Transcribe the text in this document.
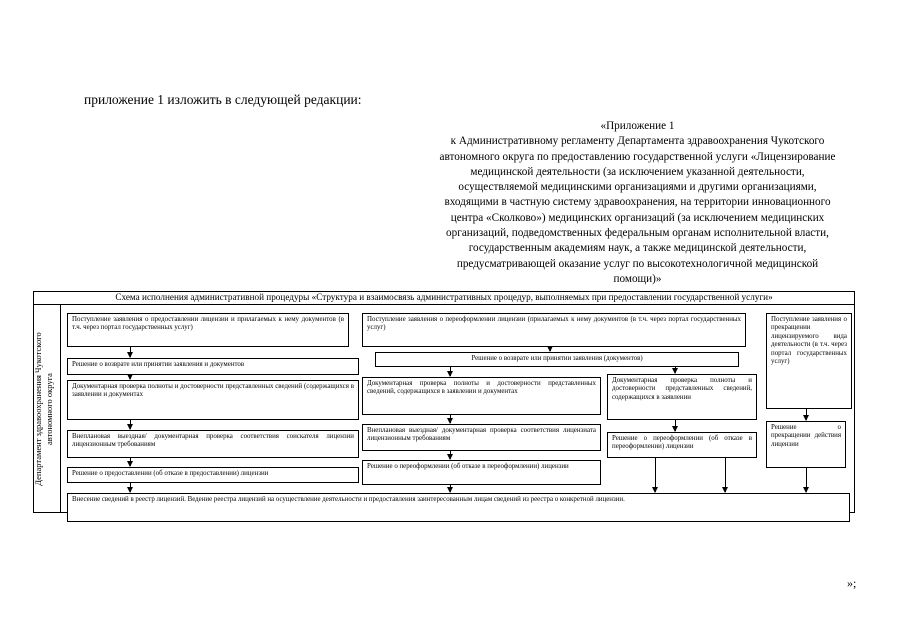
приложение 1 изложить в следующей редакции:
«Приложение 1
к Административному регламенту Департамента здравоохранения Чукотского
автономного округа по предоставлению государственной услуги «Лицензирование
медицинской деятельности (за исключением указанной деятельности,
осуществляемой медицинскими организациями и другими организациями,
входящими в частную систему здравоохранения, на территории инновационного
центра «Сколково») медицинских организаций (за исключением медицинских
организаций, подведомственных федеральным органам исполнительной власти,
государственным академиям наук, а также медицинской деятельности,
предусматривающей оказание услуг по высокотехнологичной медицинской
помощи)»
Схема исполнения административной процедуры «Структура и взаимосвязь административных процедур, выполняемых при предоставлении государственной услуги»
Департамент здравоохранения Чукотского автономного округа
Поступление заявления о предоставлении лицензии и прилагаемых к нему документов (в т.ч. через портал государственных услуг)
Решение о возврате или принятии заявления и документов
Документарная проверка полноты и достоверности представленных сведений (содержащихся в заявлении и документах
Внеплановая выездная/ документарная проверка соответствия соискателя лицензии лицензионным требованиям
Решение о предоставлении (об отказе в предоставлении) лицензии
Поступление заявления о переоформлении лицензии (прилагаемых к нему документов (в т.ч. через портал государственных услуг)
Решение о возврате или принятии заявления (документов)
Документарная проверка полноты и достоверности представленных сведений, содержащихся в заявлении и документах
Внеплановая выездная/ документарная проверка соответствия лицензиата лицензионным требованиям
Решение о переоформлении (об отказе в переоформлении) лицензии
Документарная проверка полноты и достоверности представленных сведений, содержащихся в заявлении
Решение о переоформлении (об отказе в переоформлении) лицензии
Поступление заявления о прекращении лицензируемого вида деятельности (в т.ч. через портал государственных услуг)
Решение о прекращении действия лицензии
Внесение сведений в реестр лицензий. Ведение реестра лицензий на осуществление деятельности и предоставления заинтересованным лицам сведений из реестра о конкретной лицензии.
»;
